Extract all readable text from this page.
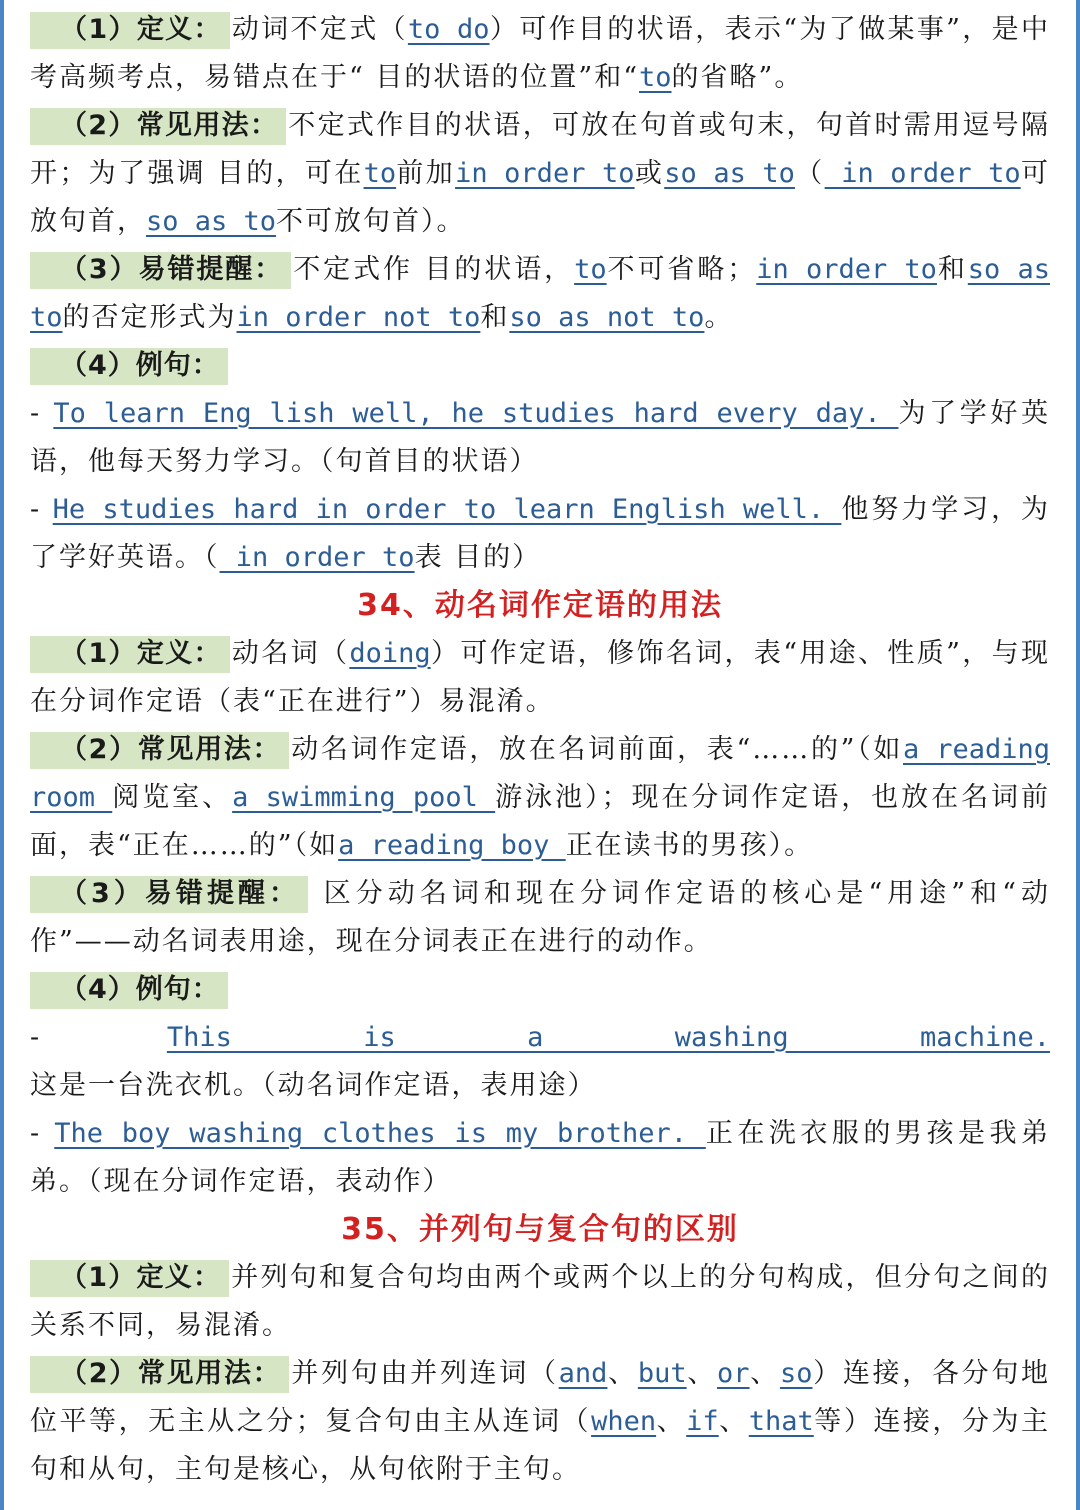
（1）定义： 动词不定式（to do）可作目的状语，表示“为了做某事”，是中考高频考点，易错点在于“ 目的状语的位置”和“to的省略”。

（2）常见用法： 不定式作目的状语，可放在句首或句末，句首时需用逗号隔开；为了强调 目的，可在to前加in order to或so as to（ in order to可放句首，so as to不可放句首）。

（3）易错提醒： 不定式作 目的状语，to不可省略；in order to和so as to的否定形式为in order not to和so as not to。

（4）例句：

- To learn Eng lish well, he studies hard every day. 为了学好英语，他每天努力学习。（句首目的状语）

- He studies hard in order to learn English well. 他努力学习，为了学好英语。（ in order to表 目的）

34、动名词作定语的用法

（1）定义： 动名词（doing）可作定语，修饰名词，表“用途、性质”，与现在分词作定语（表“正在进行”）易混淆。

（2）常见用法： 动名词作定语，放在名词前面，表“……的”（如a reading room 阅览室、a swimming pool 游泳池）；现在分词作定语，也放在名词前面，表“正在……的”（如a reading boy 正在读书的男孩）。

（3）易错提醒： 区分动名词和现在分词作定语的核心是“用途”和“动作”——动名词表用途，现在分词表正在进行的动作。

（4）例句：

- This is a washing machine. 这是一台洗衣机。（动名词作定语，表用途）

- The boy washing clothes is my brother. 正在洗衣服的男孩是我弟弟。（现在分词作定语，表动作）

35、并列句与复合句的区别

（1）定义： 并列句和复合句均由两个或两个以上的分句构成，但分句之间的关系不同，易混淆。

（2）常见用法： 并列句由并列连词（and、but、or、so）连接，各分句地位平等，无主从之分；复合句由主从连词（when、if、that等）连接，分为主句和从句，主句是核心，从句依附于主句。
